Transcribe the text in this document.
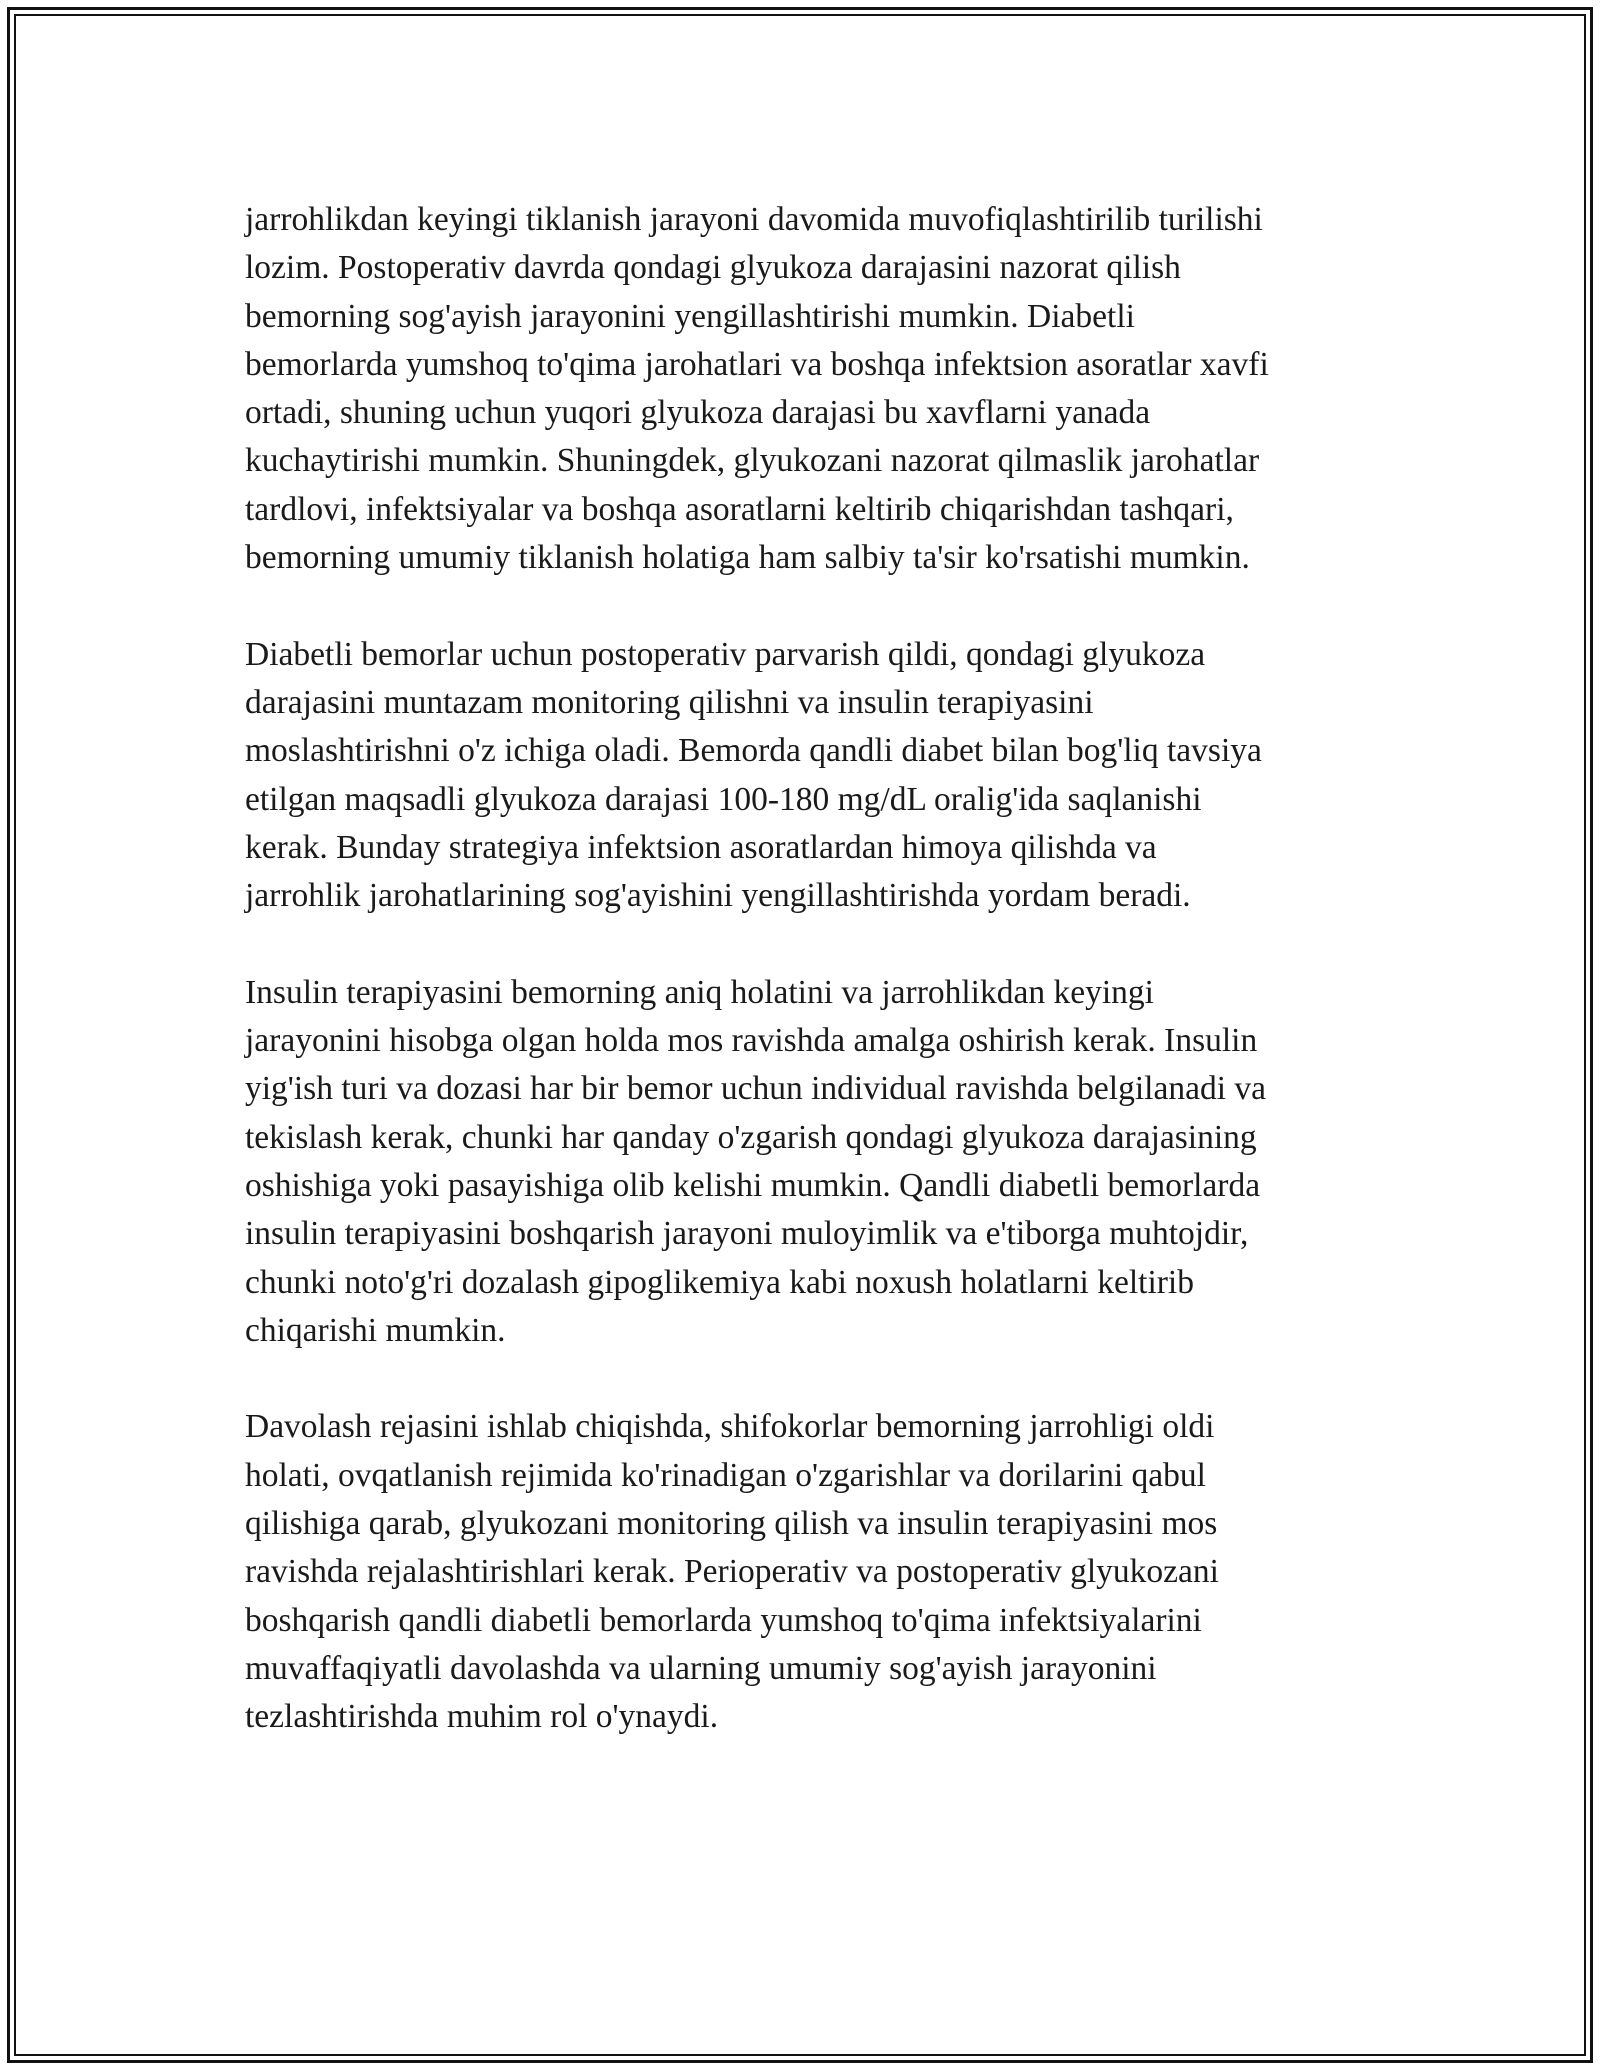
jarrohlikdan keyingi tiklanish jarayoni davomida muvofiqlashtirilib turilishi
lozim. Postoperativ davrda qondagi glyukoza darajasini nazorat qilish
bemorning sog'ayish jarayonini yengillashtirishi mumkin. Diabetli
bemorlarda yumshoq to'qima jarohatlari va boshqa infektsion asoratlar xavfi
ortadi, shuning uchun yuqori glyukoza darajasi bu xavflarni yanada
kuchaytirishi mumkin. Shuningdek, glyukozani nazorat qilmaslik jarohatlar
tardlovi, infektsiyalar va boshqa asoratlarni keltirib chiqarishdan tashqari,
bemorning umumiy tiklanish holatiga ham salbiy ta'sir ko'rsatishi mumkin.

Diabetli bemorlar uchun postoperativ parvarish qildi, qondagi glyukoza
darajasini muntazam monitoring qilishni va insulin terapiyasini
moslashtirishni o'z ichiga oladi. Bemorda qandli diabet bilan bog'liq tavsiya
etilgan maqsadli glyukoza darajasi 100-180 mg/dL oralig'ida saqlanishi
kerak. Bunday strategiya infektsion asoratlardan himoya qilishda va
jarrohlik jarohatlarining sog'ayishini yengillashtirishda yordam beradi.

Insulin terapiyasini bemorning aniq holatini va jarrohlikdan keyingi
jarayonini hisobga olgan holda mos ravishda amalga oshirish kerak. Insulin
yig'ish turi va dozasi har bir bemor uchun individual ravishda belgilanadi va
tekislash kerak, chunki har qanday o'zgarish qondagi glyukoza darajasining
oshishiga yoki pasayishiga olib kelishi mumkin. Qandli diabetli bemorlarda
insulin terapiyasini boshqarish jarayoni muloyimlik va e'tiborga muhtojdir,
chunki noto'g'ri dozalash gipoglikemiya kabi noxush holatlarni keltirib
chiqarishi mumkin.

Davolash rejasini ishlab chiqishda, shifokorlar bemorning jarrohligi oldi
holati, ovqatlanish rejimida ko'rinadigan o'zgarishlar va dorilarini qabul
qilishiga qarab, glyukozani monitoring qilish va insulin terapiyasini mos
ravishda rejalashtirishlari kerak. Perioperativ va postoperativ glyukozani
boshqarish qandli diabetli bemorlarda yumshoq to'qima infektsiyalarini
muvaffaqiyatli davolashda va ularning umumiy sog'ayish jarayonini
tezlashtirishda muhim rol o'ynaydi.
